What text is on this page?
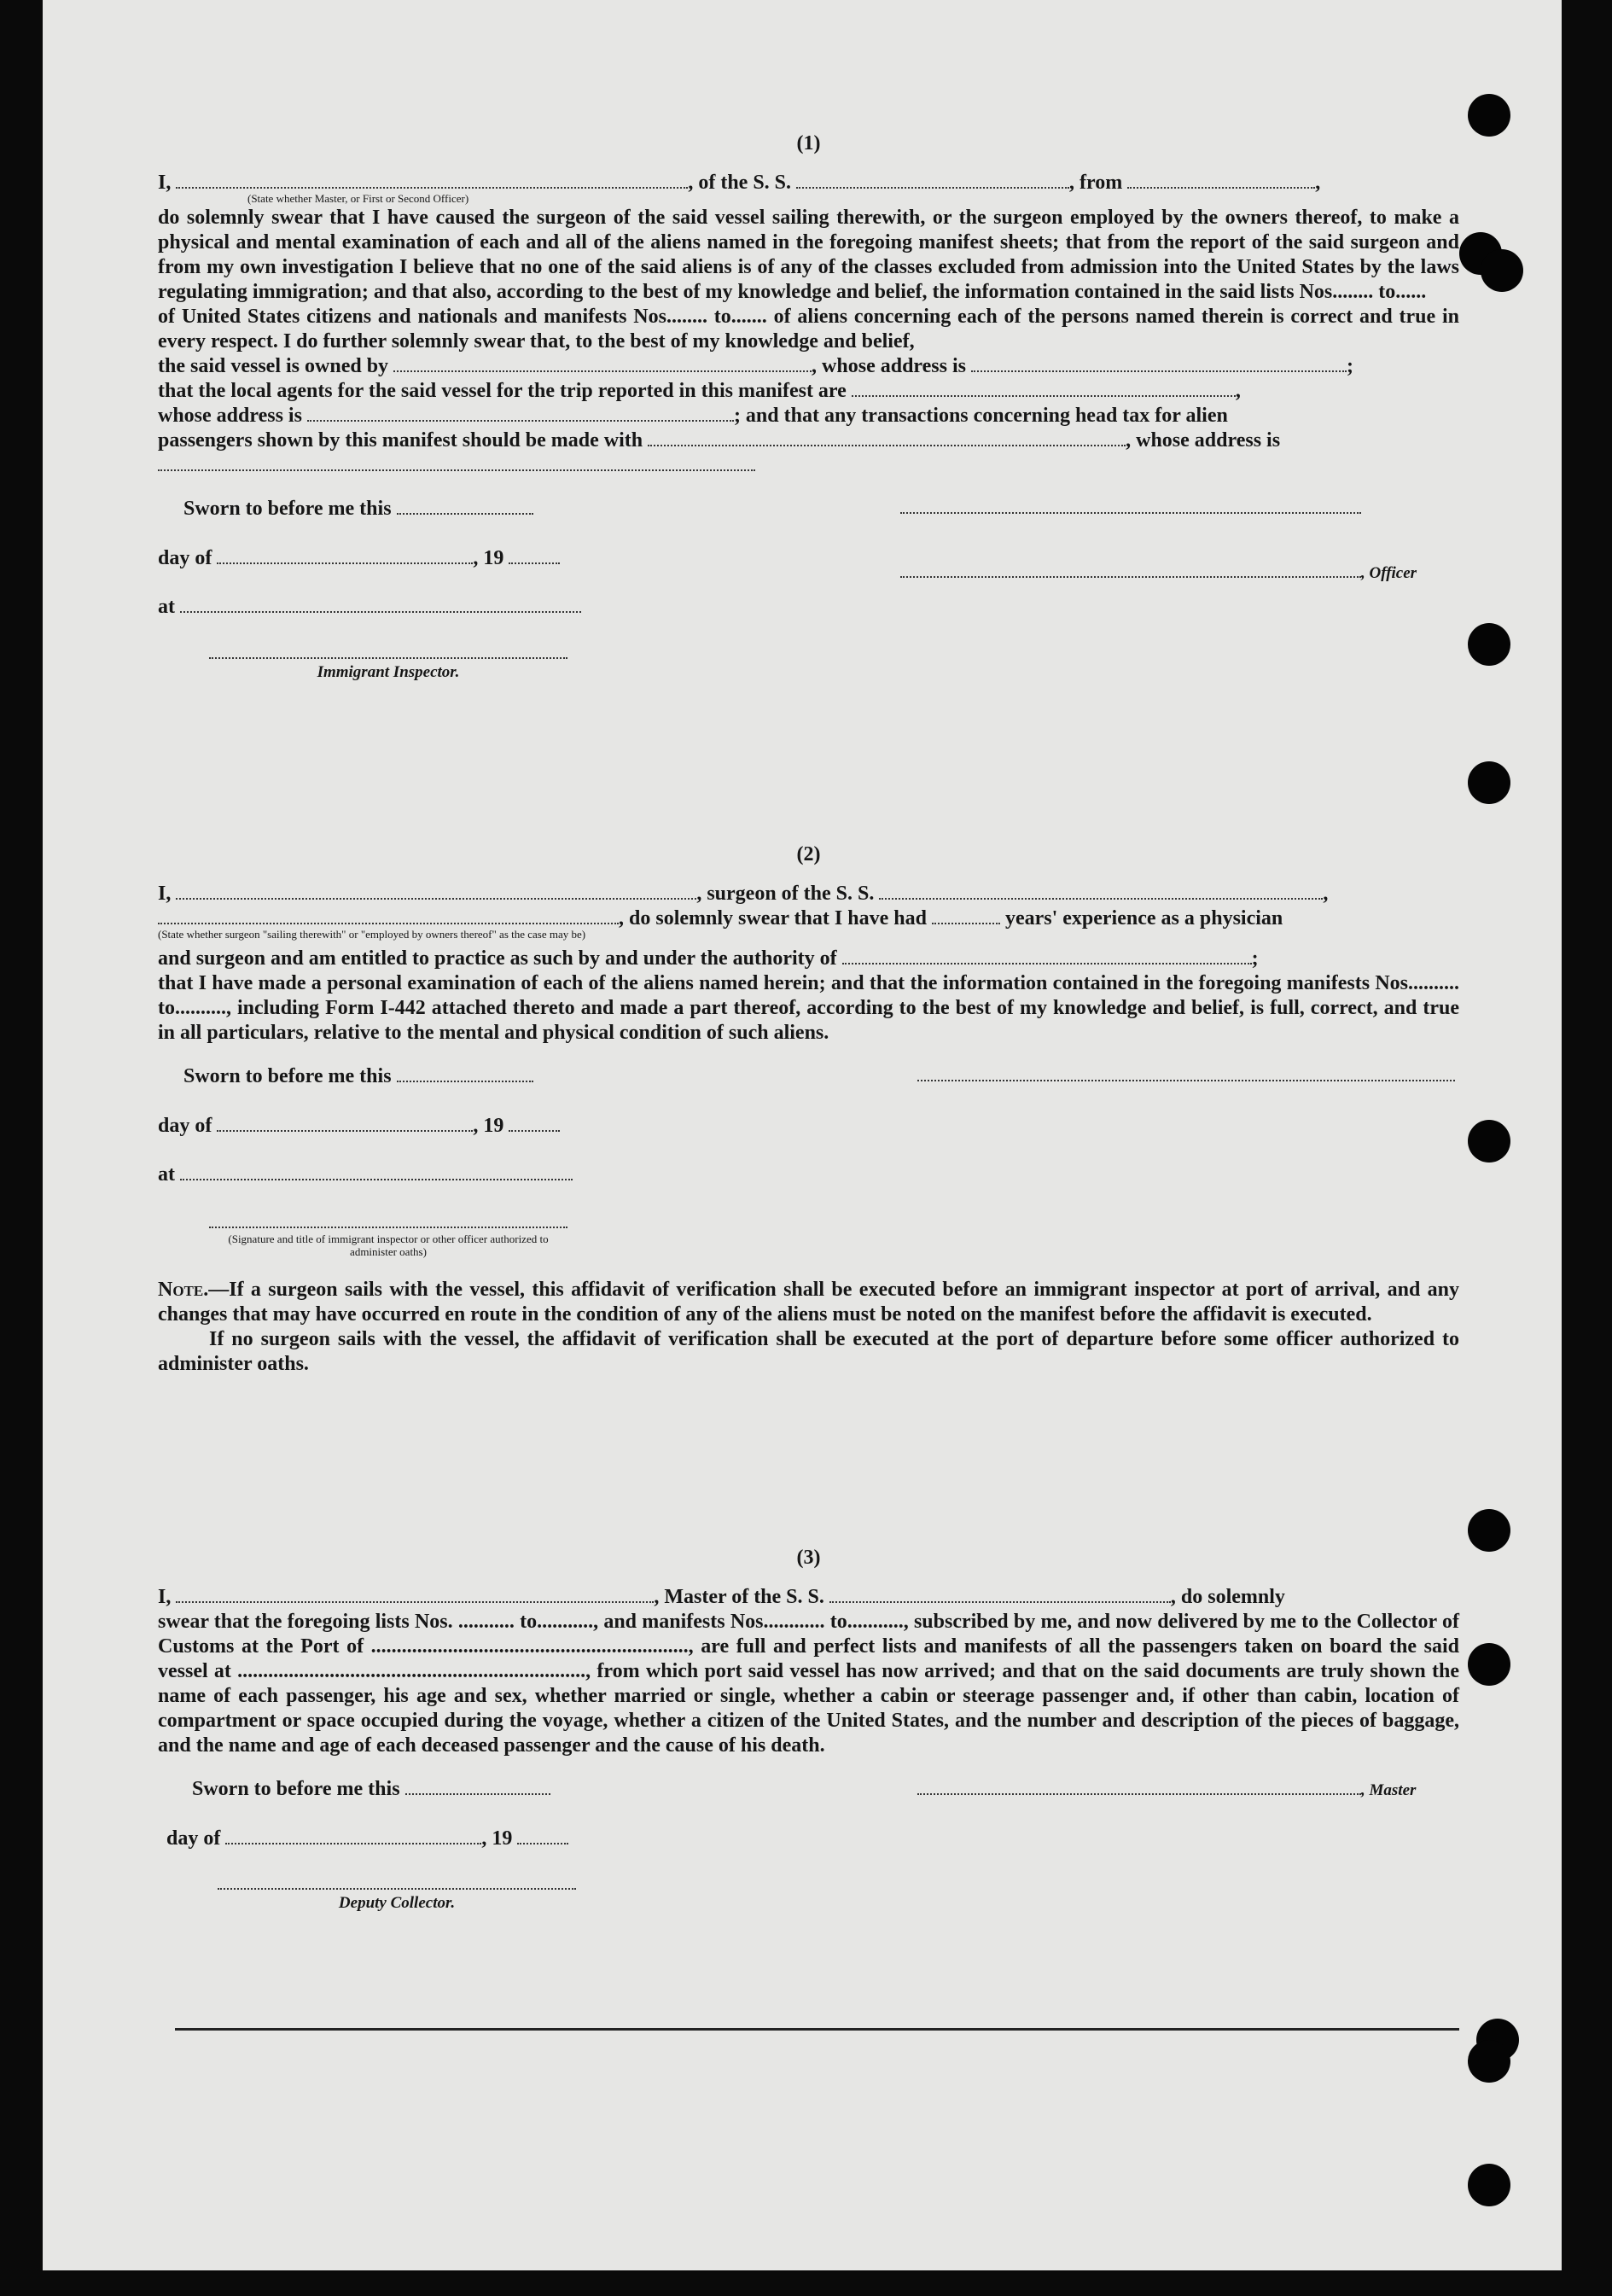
(1)
I,	, of the S. S.	, from	,
(State whether Master, or First or Second Officer)
do solemnly swear that I have caused the surgeon of the said vessel sailing therewith, or the surgeon employed by the owners thereof, to make a physical and mental examination of each and all of the aliens named in the foregoing manifest sheets; that from the report of the said surgeon and from my own investigation I believe that no one of the said aliens is of any of the classes excluded from admission into the United States by the laws regulating immigration; and that also, according to the best of my knowledge and belief, the information contained in the said lists Nos........ to......
of United States citizens and nationals and manifests Nos........ to....... of aliens concerning each of the persons named therein is correct and true in every respect. I do further solemnly swear that, to the best of my knowledge and belief,
the said vessel is owned by	, whose address is	;
that the local agents for the said vessel for the trip reported in this manifest are	,
whose address is	; and that any transactions concerning head tax for alien
passengers shown by this manifest should be made with	, whose address is
Sworn to before me this
day of	, 19
at
Immigrant Inspector.
, Officer
(2)
I,	, surgeon of the S. S.	,
, do solemnly swear that I have had	years' experience as a physician
(State whether surgeon "sailing therewith" or "employed by owners thereof" as the case may be)
and surgeon and am entitled to practice as such by and under the authority of	;
that I have made a personal examination of each of the aliens named herein; and that the information contained in the foregoing manifests Nos.......... to.........., including Form I-442 attached thereto and made a part thereof, according to the best of my knowledge and belief, is full, correct, and true in all particulars, relative to the mental and physical condition of such aliens.
Sworn to before me this
day of	, 19
at
(Signature and title of immigrant inspector or other officer authorized to administer oaths)
Note.—If a surgeon sails with the vessel, this affidavit of verification shall be executed before an immigrant inspector at port of arrival, and any changes that may have occurred en route in the condition of any of the aliens must be noted on the manifest before the affidavit is executed.
If no surgeon sails with the vessel, the affidavit of verification shall be executed at the port of departure before some officer authorized to administer oaths.
(3)
I,	, Master of the S. S.	, do solemnly
swear that the foregoing lists Nos. ........... to..........., and manifests Nos............ to..........., subscribed by me, and now delivered by me to the Collector of Customs at the Port of .............................................................., are full and perfect lists and manifests of all the passengers taken on board the said vessel at ...................................................................., from which port said vessel has now arrived; and that on the said documents are truly shown the name of each passenger, his age and sex, whether married or single, whether a cabin or steerage passenger and, if other than cabin, location of compartment or space occupied during the voyage, whether a citizen of the United States, and the number and description of the pieces of baggage, and the name and age of each deceased passenger and the cause of his death.
Sworn to before me this
day of	, 19
Deputy Collector.
, Master
